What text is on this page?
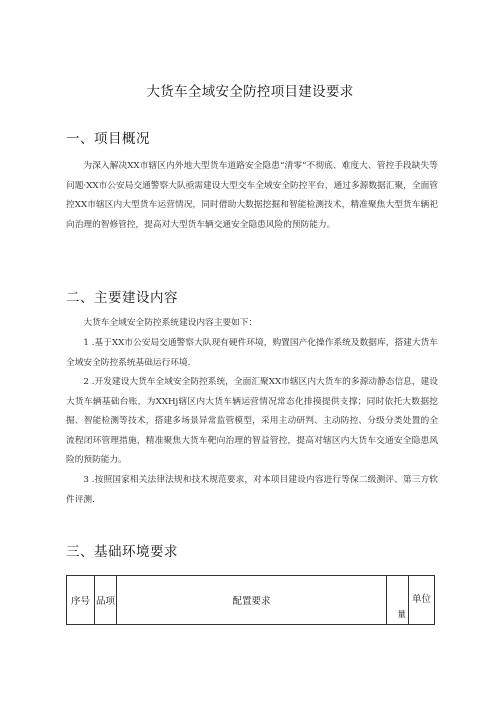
大货车全域安全防控项目建设要求
一、项目概况
为深入解决XX市辖区内外地大型货车道路安全隐患“清零”不彻底、难度大、管控手段缺失等问题·XX市公安局交通警察大队亟需建设大型交车全域安全防控平台，通过多源数据汇聚，全面管控XX市辖区内大型货车运营情况，同时借助大数据挖掘和智能检测技术，精准聚焦大型货车辆祀向治理的智修管控，提高对大型货车辆交通安全隐患风险的预防能力。
二、主要建设内容
大货车全域安全防控系统建设内容主要如下：
1 .基于XX市公安局交通警察大队现有硬件环境，购置国产化操作系统及数据库，搭建大货车全域安全防控系统基础运行环境.
2 .开发建设大货车全域安全防控系统，全面汇聚XX市辖区内大货车的多源动静态信息，建设大货车辆基础台账，为XXHj辖区内大货车辆运营情况常态化排摸提供支撑；同时依托大数据挖掘、智能检测等技术，搭建多场景异常监管模型，采用主动研判、主动防控、分级分类处置的全流程闭环管理措施，精准聚焦大货车靶向治理的智益管控，提高对辖区内大货车交通安全隐患风险的预防能力。
3 .按照国家相关法律法规和技术规范要求，对本项目建设内容进行等保二级测评、第三方软件评测.
三、基础环境要求
序号	品项	配置要求	量	单位
